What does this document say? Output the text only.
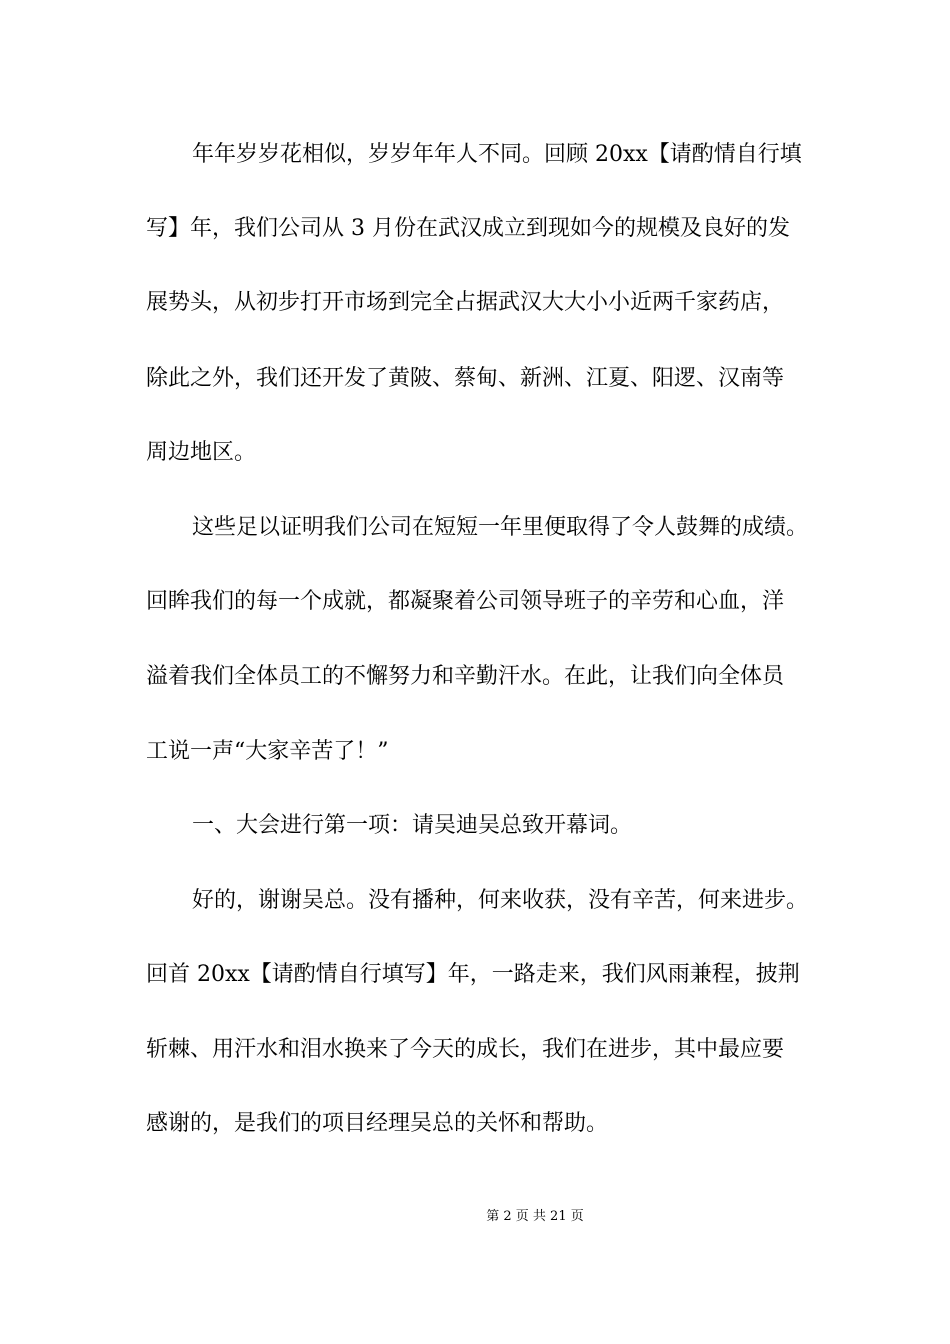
年年岁岁花相似，岁岁年年人不同。回顾 20xx【请酌情自行填
写】年，我们公司从 3 月份在武汉成立到现如今的规模及良好的发
展势头，从初步打开市场到完全占据武汉大大小小近两千家药店，
除此之外，我们还开发了黄陂、蔡甸、新洲、江夏、阳逻、汉南等
周边地区。
这些足以证明我们公司在短短一年里便取得了令人鼓舞的成绩。
回眸我们的每一个成就，都凝聚着公司领导班子的辛劳和心血，洋
溢着我们全体员工的不懈努力和辛勤汗水。在此，让我们向全体员
工说一声“大家辛苦了！”
一、大会进行第一项：请吴迪吴总致开幕词。
好的，谢谢吴总。没有播种，何来收获，没有辛苦，何来进步。
回首 20xx【请酌情自行填写】年，一路走来，我们风雨兼程，披荆
斩棘、用汗水和泪水换来了今天的成长，我们在进步，其中最应要
感谢的，是我们的项目经理吴总的关怀和帮助。
第 2 页 共 21 页
